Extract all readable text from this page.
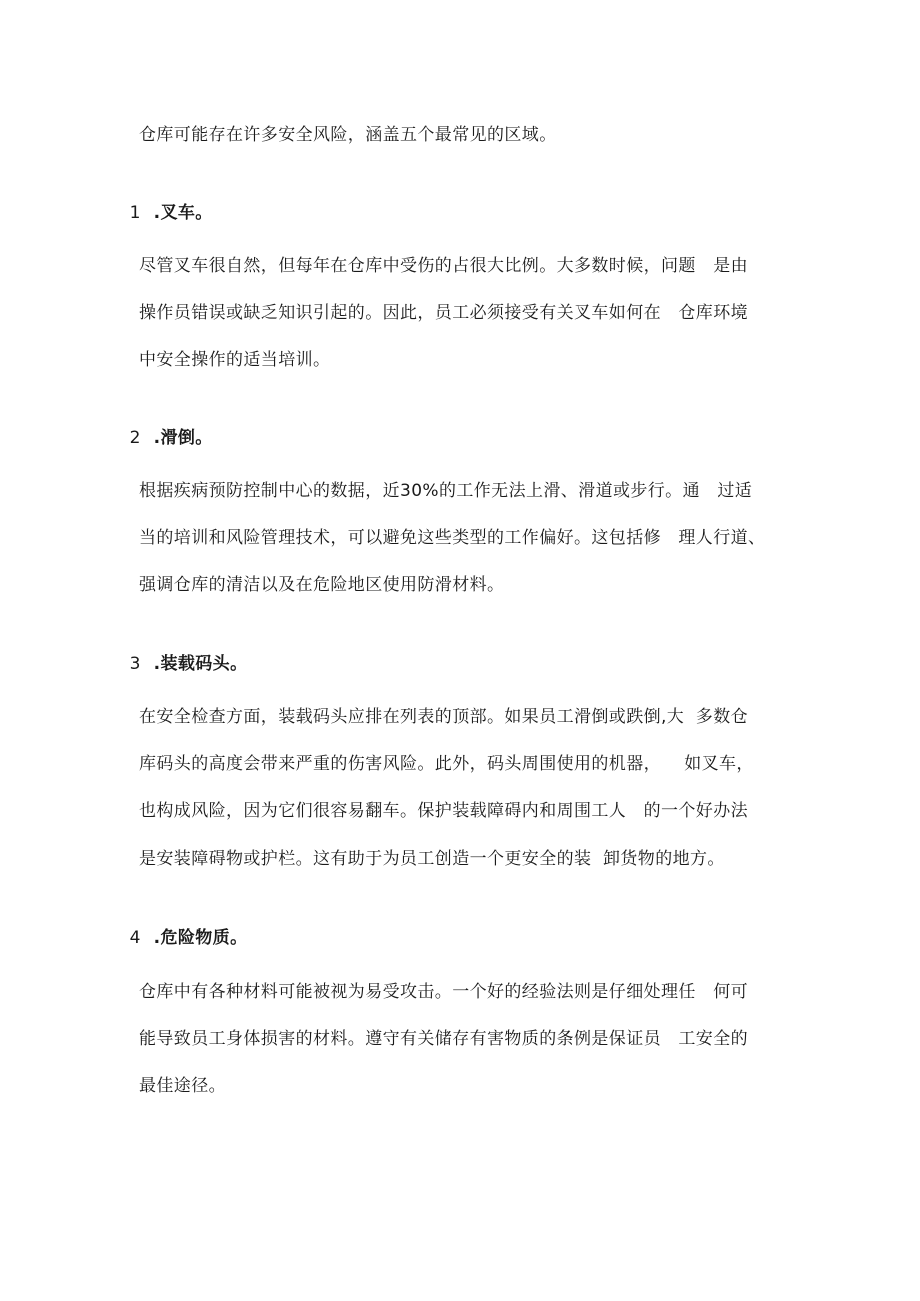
仓库可能存在许多安全风险，涵盖五个最常见的区域。

1 .叉车。

尽管叉车很自然，但每年在仓库中受伤的占很大比例。大多数时候，问题   是由
操作员错误或缺乏知识引起的。因此，员工必须接受有关叉车如何在   仓库环境
中安全操作的适当培训。

2 .滑倒。

根据疾病预防控制中心的数据，近30%的工作无法上滑、滑道或步行。通   过适
当的培训和风险管理技术，可以避免这些类型的工作偏好。这包括修   理人行道、
强调仓库的清洁以及在危险地区使用防滑材料。

3 .装载码头。

在安全检查方面，装载码头应排在列表的顶部。如果员工滑倒或跌倒,大  多数仓
库码头的高度会带来严重的伤害风险。此外，码头周围使用的机器，    如叉车，
也构成风险，因为它们很容易翻车。保护装载障碍内和周围工人   的一个好办法
是安装障碍物或护栏。这有助于为员工创造一个更安全的装  卸货物的地方。

4 .危险物质。

仓库中有各种材料可能被视为易受攻击。一个好的经验法则是仔细处理任   何可
能导致员工身体损害的材料。遵守有关储存有害物质的条例是保证员   工安全的
最佳途径。
